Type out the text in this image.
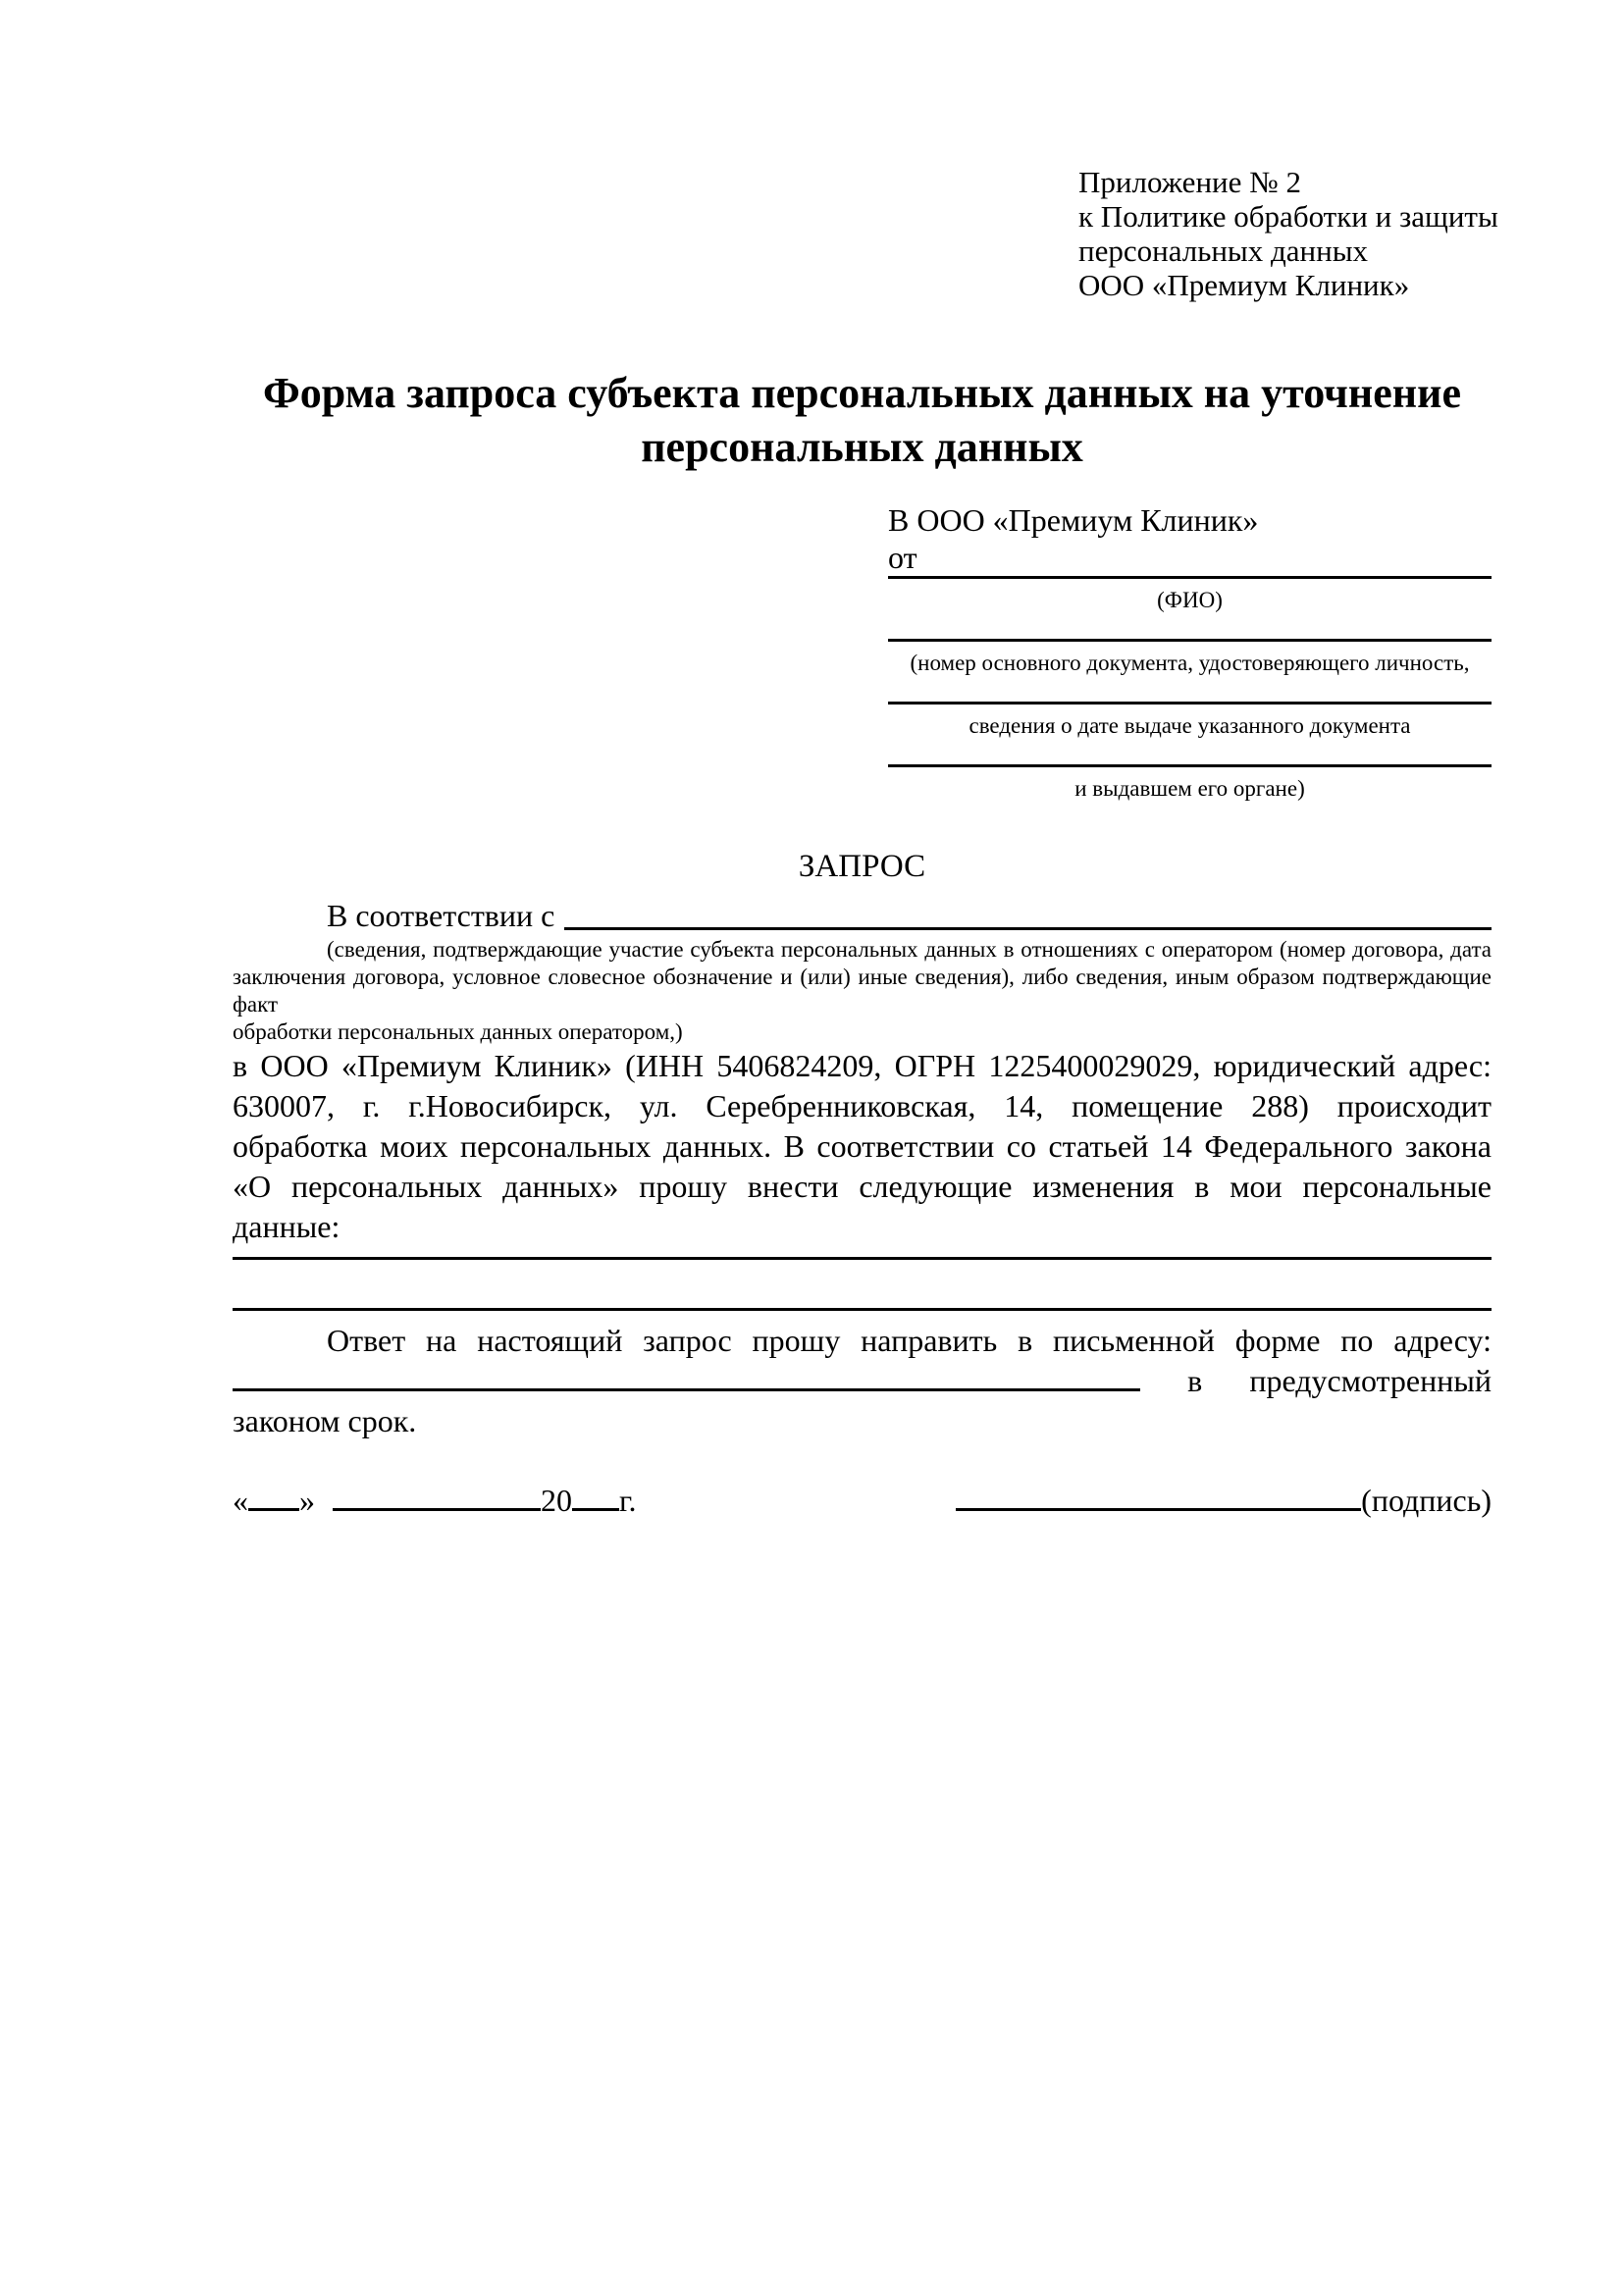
Приложение № 2
к Политике обработки и защиты
персональных данных
ООО «Премиум Клиник»
Форма запроса субъекта персональных данных на уточнение персональных данных
В ООО «Премиум Клиник»
от
(ФИО)
(номер основного документа, удостоверяющего личность,
сведения о дате выдаче указанного документа
и выдавшем его органе)
ЗАПРОС
В соответствии с
(сведения, подтверждающие участие субъекта персональных данных в отношениях с оператором (номер договора, дата
заключения договора, условное словесное обозначение и (или) иные сведения), либо сведения, иным образом подтверждающие факт
обработки персональных данных оператором,)
в ООО «Премиум Клиник» (ИНН 5406824209, ОГРН 1225400029029, юридический адрес:
630007, г. г.Новосибирск, ул. Серебренниковская, 14, помещение 288) происходит
обработка моих персональных данных. В соответствии со статьей 14 Федерального закона
«О персональных данных» прошу внести следующие изменения в мои персональные
данные:
Ответ на настоящий запрос прошу направить в письменной форме по адресу:
в предусмотренный
законом срок.
« »	20 г.	(подпись)
